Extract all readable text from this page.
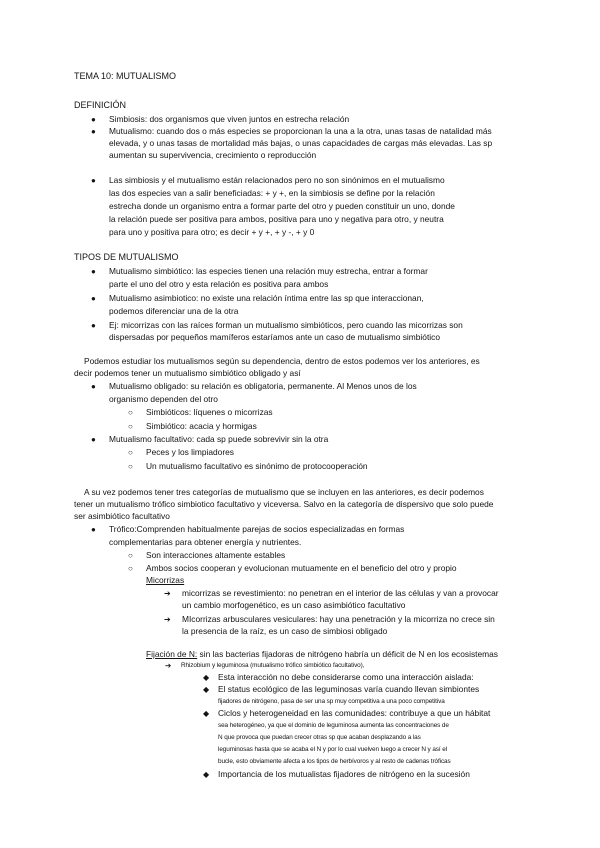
TEMA 10: MUTUALISMO
DEFINICIÓN
● Simbiosis: dos organismos que viven juntos en estrecha relación
● Mutualismo: cuando dos o más especies se proporcionan la una a la otra, unas tasas de natalidad más
elevada, y o unas tasas de mortalidad más bajas, o unas capacidades de cargas más elevadas. Las sp
aumentan su supervivencia, crecimiento o reproducción
● Las simbiosis y el mutualismo están relacionados pero no son sinónimos en el mutualismo
las dos especies van a salir beneficiadas: + y +, en la simbiosis se define por la relación
estrecha donde un organismo entra a formar parte del otro y pueden constituir un uno, donde
la relación puede ser positiva para ambos, positiva para uno y negativa para otro, y neutra
para uno y positiva para otro; es decir + y +, + y -, + y 0
TIPOS DE MUTUALISMO
● Mutualismo simbiótico: las especies tienen una relación muy estrecha, entrar a formar
parte el uno del otro y esta relación es positiva para ambos
● Mutualismo asimbiotico: no existe una relación íntima entre las sp que interaccionan,
podemos diferenciar una de la otra
● Ej: micorrizas con las raíces forman un mutualismo simbióticos, pero cuando las micorrizas son
dispersadas por pequeños mamíferos estaríamos ante un caso de mutualismo simbiótico
Podemos estudiar los mutualismos según su dependencia, dentro de estos podemos ver los anteriores, es
decir podemos tener un mutualismo simbiótico obligado y así
● Mutualismo obligado: su relación es obligatoria, permanente. Al Menos unos de los
organismo dependen del otro
○ Simbióticos: líquenes o micorrizas
○ Simbiótico: acacia y hormigas
● Mutualismo facultativo: cada sp puede sobrevivir sin la otra
○ Peces y los limpiadores
○ Un mutualismo facultativo es sinónimo de protocooperación
A su vez podemos tener tres categorías de mutualismo que se incluyen en las anteriores, es decir podemos
tener un mutualismo trófico simbiotico facultativo y viceversa. Salvo en la categoría de dispersivo que solo puede
ser asimbiótico facultativo
● Trófico:Comprenden habitualmente parejas de socios especializadas en formas
complementarias para obtener energía y nutrientes.
○ Son interacciones altamente estables
○ Ambos socios cooperan y evolucionan mutuamente en el beneficio del otro y propio
Micorrizas
➔ micorrizas se revestimiento: no penetran en el interior de las células y van a provocar
un cambio morfogenético, es un caso asimbiótico facultativo
➔ MIcorrizas arbusculares vesiculares: hay una penetración y la micorriza no crece sin
la presencia de la raíz, es un caso de simbiosi obligado
Fijación de N: sin las bacterias fijadoras de nitrógeno habría un déficit de N en los ecosistemas
➔ Rhizobium y leguminosa (mutualismo trófico simbiótico facultativo),
◆ Esta interacción no debe considerarse como una interacción aislada:
◆ El status ecológico de las leguminosas varía cuando llevan simbiontes
fijadores de nitrógeno, pasa de ser una sp muy competitiva a una poco competitiva
◆ Ciclos y heterogeneidad en las comunidades: contribuye a que un hábitat
sea heterogéneo, ya que el dominio de leguminosa aumenta las concentraciones de
N que provoca que puedan crecer otras sp que acaban desplazando a las
leguminosas hasta que se acaba el N y por lo cual vuelven luego a crecer N y así el
bucle, esto obviamente afecta a los tipos de herbívoros y al resto de cadenas tróficas
◆ Importancia de los mutualistas fijadores de nitrógeno en la sucesión
